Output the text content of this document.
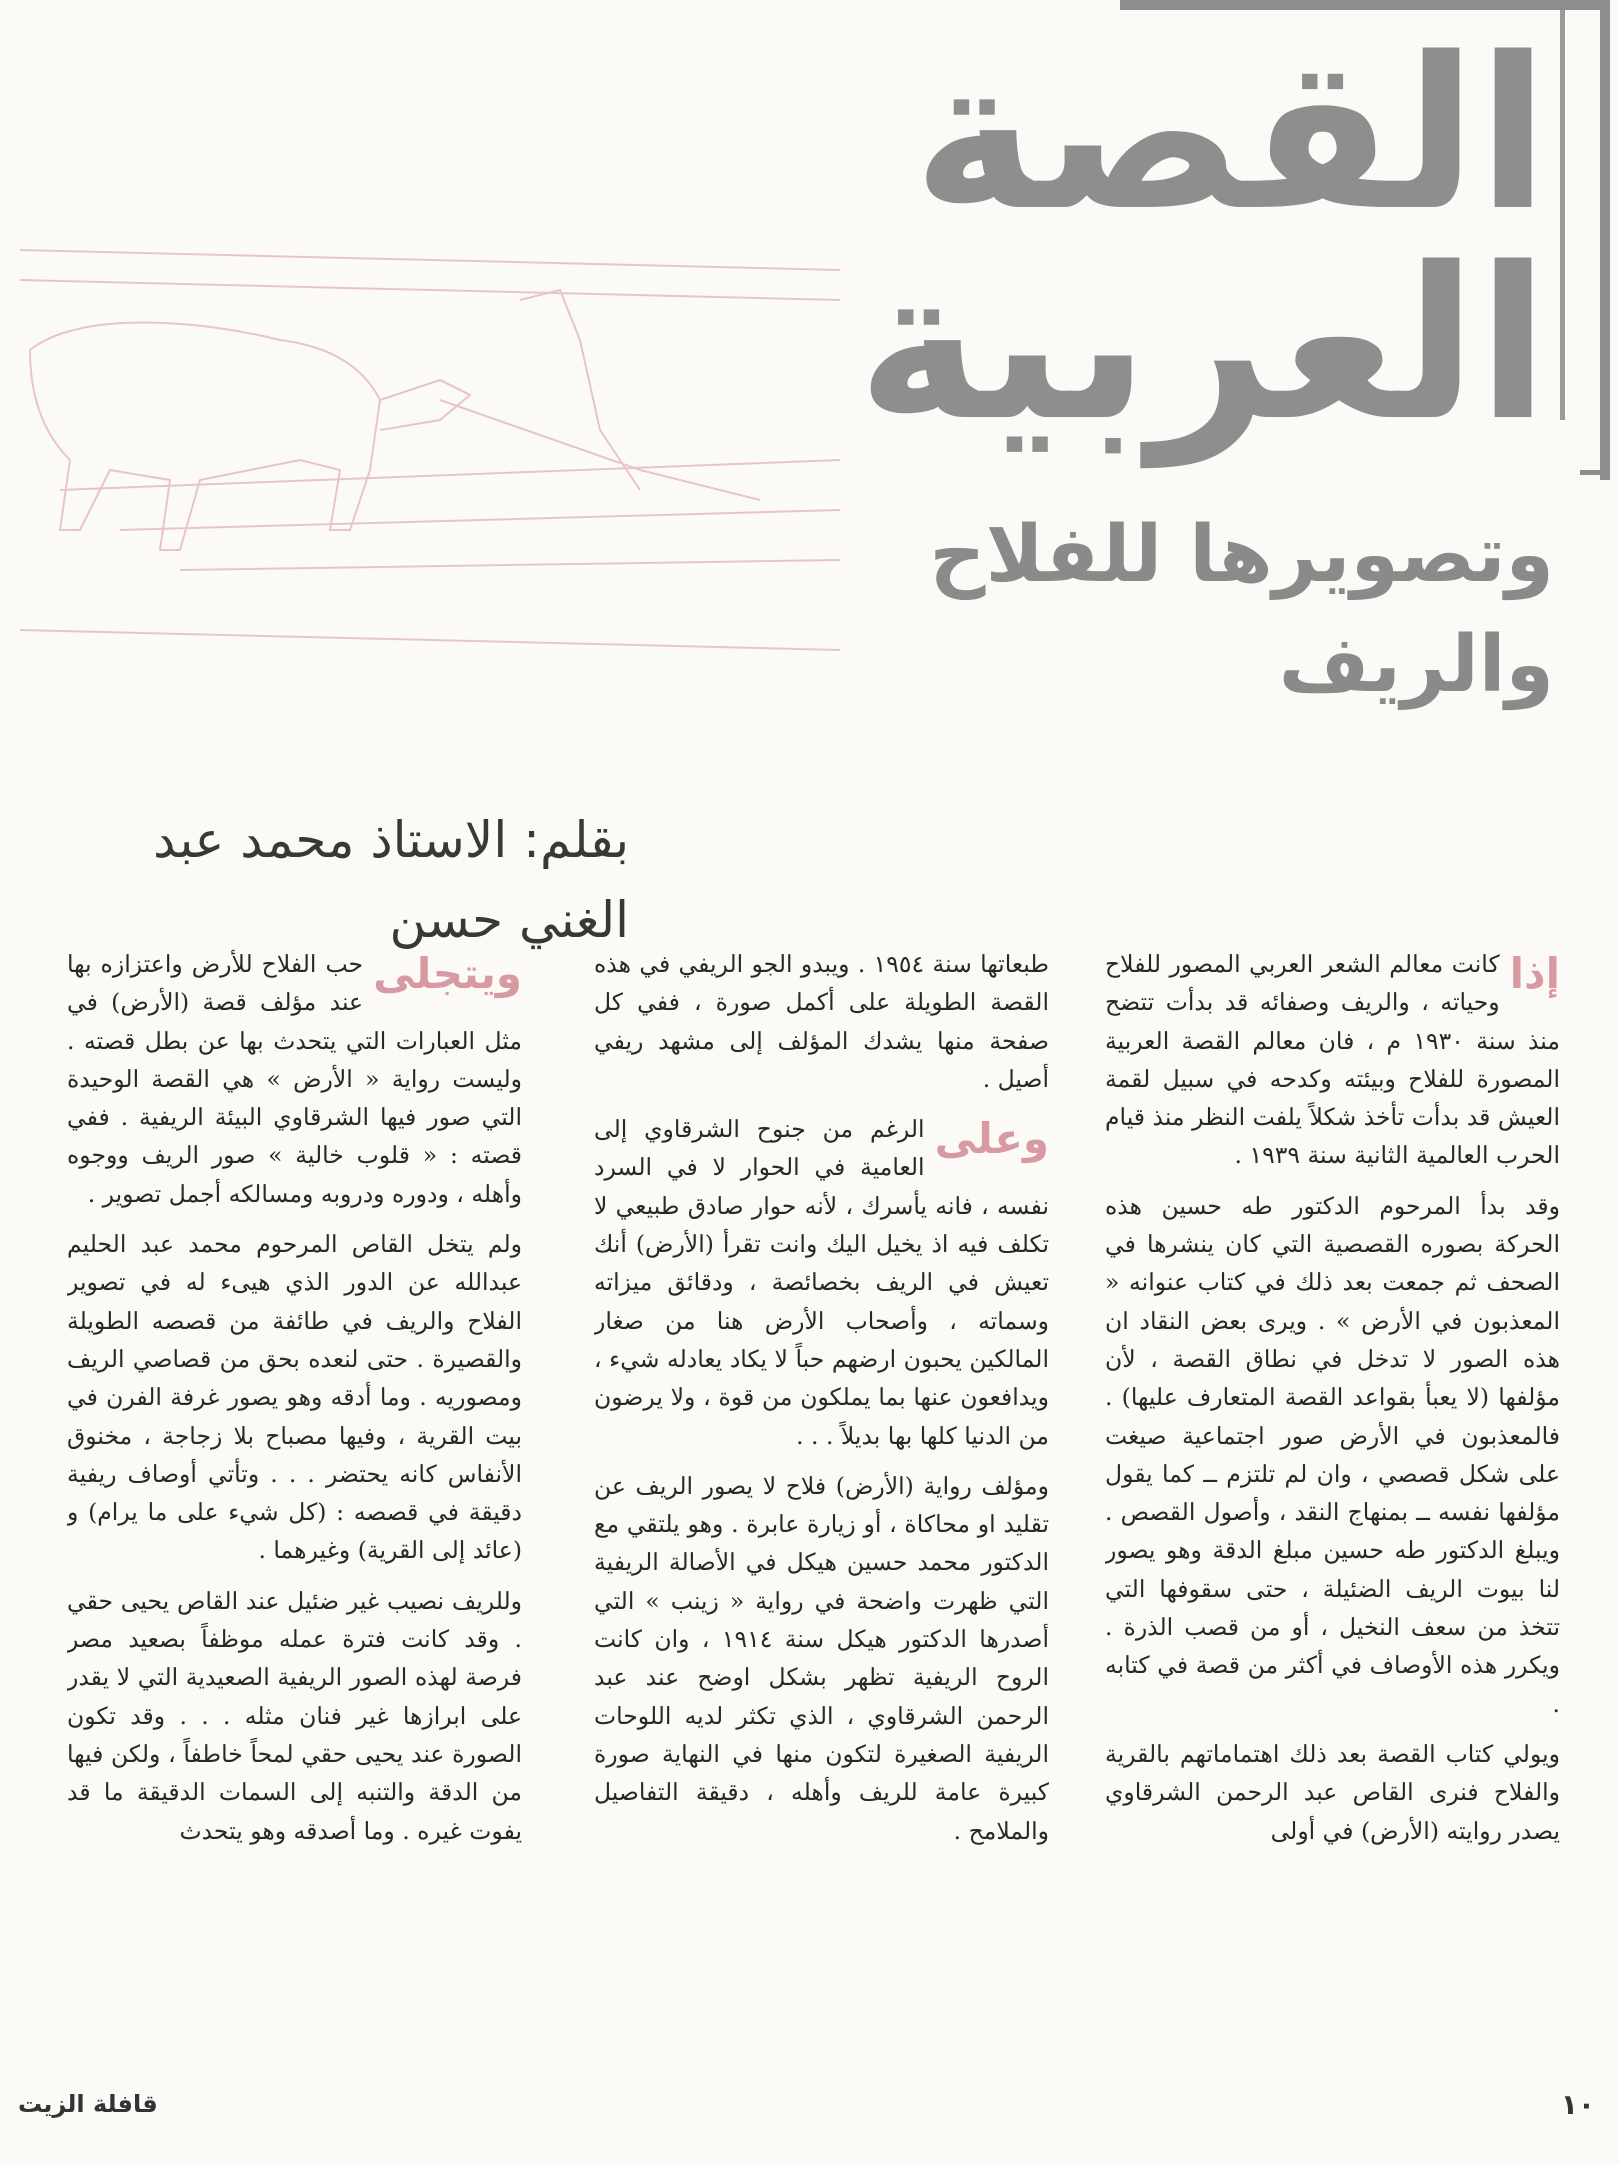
القصة العربية
وتصويرها للفلاح والريف
بقلم: الاستاذ محمد عبد الغني حسن

إذا
كانت معالم الشعر العربي المصور للفلاح وحياته ، والريف وصفائه قد بدأت تتضح منذ سنة ١٩٣٠ م ، فان معالم القصة العربية المصورة للفلاح وبيئته وكدحه في سبيل لقمة العيش قد بدأت تأخذ شكلاً يلفت النظر منذ قيام الحرب العالمية الثانية سنة ١٩٣٩ .

وقد بدأ المرحوم الدكتور طه حسين هذه الحركة بصوره القصصية التي كان ينشرها في الصحف ثم جمعت بعد ذلك في كتاب عنوانه « المعذبون في الأرض » . ويرى بعض النقاد ان هذه الصور لا تدخل في نطاق القصة ، لأن مؤلفها (لا يعبأ بقواعد القصة المتعارف عليها) . فالمعذبون في الأرض صور اجتماعية صيغت على شكل قصصي ، وان لم تلتزم ــ كما يقول مؤلفها نفسه ــ بمنهاج النقد ، وأصول القصص . ويبلغ الدكتور طه حسين مبلغ الدقة وهو يصور لنا بيوت الريف الضئيلة ، حتى سقوفها التي تتخذ من سعف النخيل ، أو من قصب الذرة . ويكرر هذه الأوصاف في أكثر من قصة في كتابه .

ويولي كتاب القصة بعد ذلك اهتماماتهم بالقرية والفلاح فنرى القاص عبد الرحمن الشرقاوي يصدر روايته (الأرض) في أولى

طبعاتها سنة ١٩٥٤ . ويبدو الجو الريفي في هذه القصة الطويلة على أكمل صورة ، ففي كل صفحة منها يشدك المؤلف إلى مشهد ريفي أصيل .

وعلى
الرغم من جنوح الشرقاوي إلى العامية في الحوار لا في السرد نفسه ، فانه يأسرك ، لأنه حوار صادق طبيعي لا تكلف فيه اذ يخيل اليك وانت تقرأ (الأرض) أنك تعيش في الريف بخصائصة ، ودقائق ميزاته وسماته ، وأصحاب الأرض هنا من صغار المالكين يحبون ارضهم حباً لا يكاد يعادله شيء ، ويدافعون عنها بما يملكون من قوة ، ولا يرضون من الدنيا كلها بها بديلاً . . .

ومؤلف رواية (الأرض) فلاح لا يصور الريف عن تقليد او محاكاة ، أو زيارة عابرة . وهو يلتقي مع الدكتور محمد حسين هيكل في الأصالة الريفية التي ظهرت واضحة في رواية « زينب » التي أصدرها الدكتور هيكل سنة ١٩١٤ ، وان كانت الروح الريفية تظهر بشكل اوضح عند عبد الرحمن الشرقاوي ، الذي تكثر لديه اللوحات الريفية الصغيرة لتكون منها في النهاية صورة كبيرة عامة للريف وأهله ، دقيقة التفاصيل والملامح .

ويتجلى
حب الفلاح للأرض واعتزازه بها عند مؤلف قصة (الأرض) في مثل العبارات التي يتحدث بها عن بطل قصته . وليست رواية « الأرض » هي القصة الوحيدة التي صور فيها الشرقاوي البيئة الريفية . ففي قصته : « قلوب خالية » صور الريف ووجوه وأهله ، ودوره ودروبه ومسالكه أجمل تصوير .

ولم يتخل القاص المرحوم محمد عبد الحليم عبدالله عن الدور الذي هيىء له في تصوير الفلاح والريف في طائفة من قصصه الطويلة والقصيرة . حتى لنعده بحق من قصاصي الريف ومصوريه . وما أدقه وهو يصور غرفة الفرن في بيت القرية ، وفيها مصباح بلا زجاجة ، مخنوق الأنفاس كانه يحتضر . . . وتأتي أوصاف ريفية دقيقة في قصصه : (كل شيء على ما يرام) و (عائد إلى القرية) وغيرهما .

وللريف نصيب غير ضئيل عند القاص يحيى حقي . وقد كانت فترة عمله موظفاً بصعيد مصر فرصة لهذه الصور الريفية الصعيدية التي لا يقدر على ابرازها غير فنان مثله . . . وقد تكون الصورة عند يحيى حقي لمحاً خاطفاً ، ولكن فيها من الدقة والتنبه إلى السمات الدقيقة ما قد يفوت غيره . وما أصدقه وهو يتحدث

١٠
قافلة الزيت
